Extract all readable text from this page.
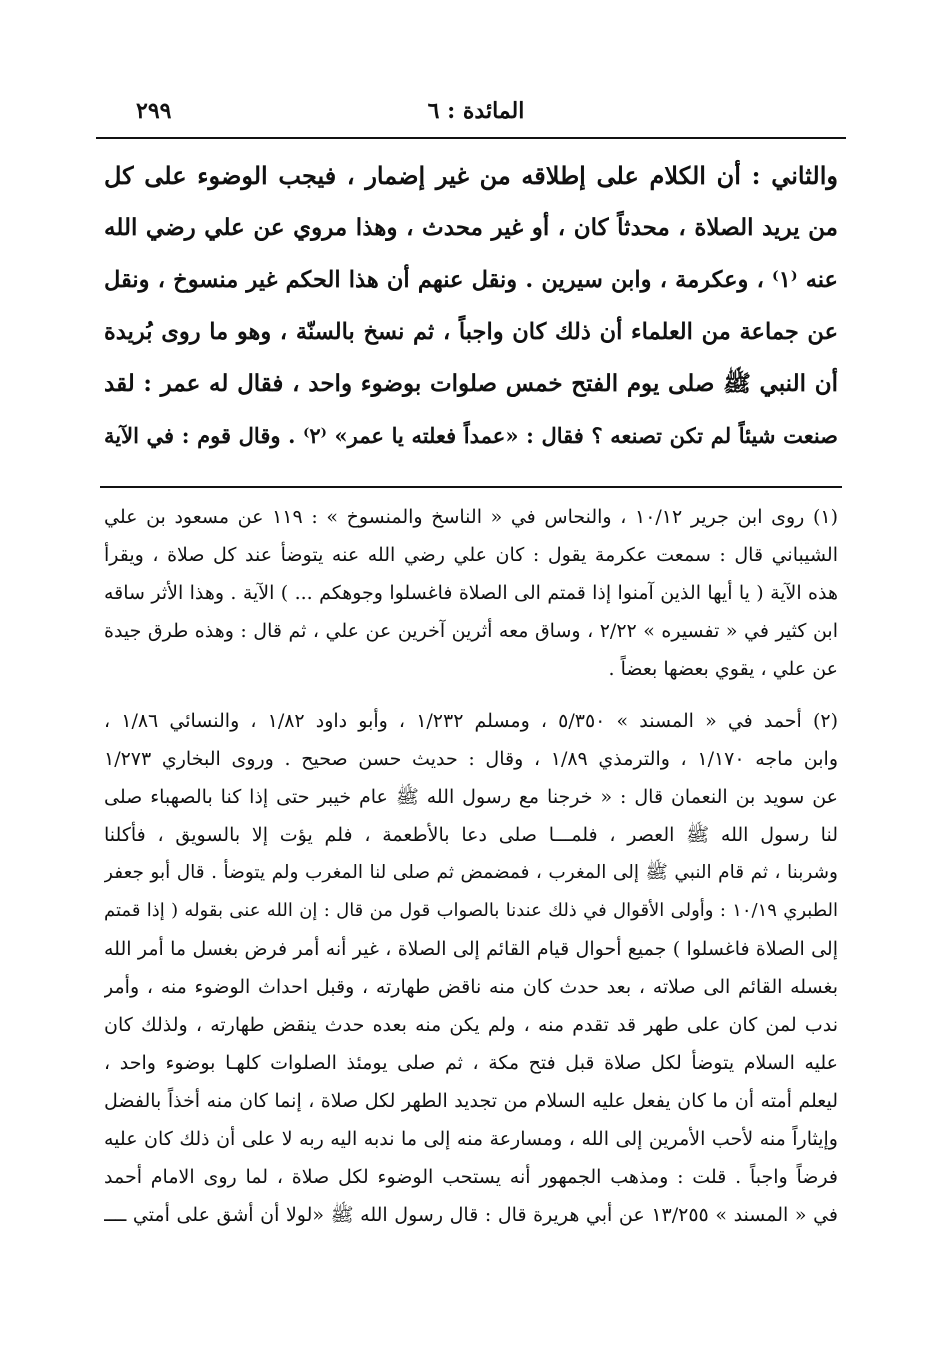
٢٩٩	المائدة : ٦
والثاني : أن الكلام على إطلاقه من غير إضمار ، فيجب الوضوء على كل
من يريد الصلاة ، محدثاً كان ، أو غير محدث ، وهذا مروي عن علي رضي الله
عنه ⁽١⁾ ، وعكرمة ، وابن سيرين . ونقل عنهم أن هذا الحكم غير منسوخ ، ونقل
عن جماعة من العلماء أن ذلك كان واجباً ، ثم نسخ بالسنّة ، وهو ما روى بُريدة
أن النبي ﷺ صلى يوم الفتح خمس صلوات بوضوء واحد ، فقال له عمر : لقد
صنعت شيئاً لم تكن تصنعه ؟ فقال : «عمداً فعلته يا عمر» ⁽٢⁾ . وقال قوم : في الآية
(١) روى ابن جرير ١٠/١٢ ، والنحاس في « الناسخ والمنسوخ » : ١١٩ عن مسعود بن علي
الشيباني قال : سمعت عكرمة يقول : كان علي رضي الله عنه يتوضأ عند كل صلاة ، ويقرأ
هذه الآية ( يا أيها الذين آمنوا إذا قمتم الى الصلاة فاغسلوا وجوهكم ... ) الآية . وهذا الأثر ساقه
ابن كثير في « تفسيره » ٢/٢٢ ، وساق معه أثرين آخرين عن علي ، ثم قال : وهذه طرق جيدة
عن علي ، يقوي بعضها بعضاً .
(٢) أحمد في « المسند » ٥/٣٥٠ ، ومسلم ١/٢٣٢ ، وأبو داود ١/٨٢ ، والنسائي ١/٨٦ ،
وابن ماجه ١/١٧٠ ، والترمذي ١/٨٩ ، وقال : حديث حسن صحيح . وروى البخاري ١/٢٧٣
عن سويد بن النعمان قال : « خرجنا مع رسول الله ﷺ عام خيبر حتى إذا كنا بالصهباء صلى
لنا رسول الله ﷺ العصر ، فلمـــا صلى دعا بالأطعمة ، فلم يؤت إلا بالسويق ، فأكلنا
وشربنا ، ثم قام النبي ﷺ إلى المغرب ، فمضمض ثم صلى لنا المغرب ولم يتوضأ . قال أبو جعفر
الطبري ١٠/١٩ : وأولى الأقوال في ذلك عندنا بالصواب قول من قال : إن الله عنى بقوله ( إذا قمتم
إلى الصلاة فاغسلوا ) جميع أحوال قيام القائم إلى الصلاة ، غير أنه أمر فرض بغسل ما أمر الله
بغسله القائم الى صلاته ، بعد حدث كان منه ناقض طهارته ، وقبل احداث الوضوء منه ، وأمر
ندب لمن كان على طهر قد تقدم منه ، ولم يكن منه بعده حدث ينقض طهارته ، ولذلك كان
عليه السلام يتوضأ لكل صلاة قبل فتح مكة ، ثم صلى يومئذ الصلوات كلهـا بوضوء واحد ،
ليعلم أمته أن ما كان يفعل عليه السلام من تجديد الطهر لكل صلاة ، إنما كان منه أخذاً بالفضل
وإيثاراً منه لأحب الأمرين إلى الله ، ومسارعة منه إلى ما ندبه اليه ربه لا على أن ذلك كان عليه
فرضاً واجباً . قلت : ومذهب الجمهور أنه يستحب الوضوء لكل صلاة ، لما روى الامام أحمد
في « المسند » ١٣/٢٥٥ عن أبي هريرة قال : قال رسول الله ﷺ «لولا أن أشق على أمتي ــــ
